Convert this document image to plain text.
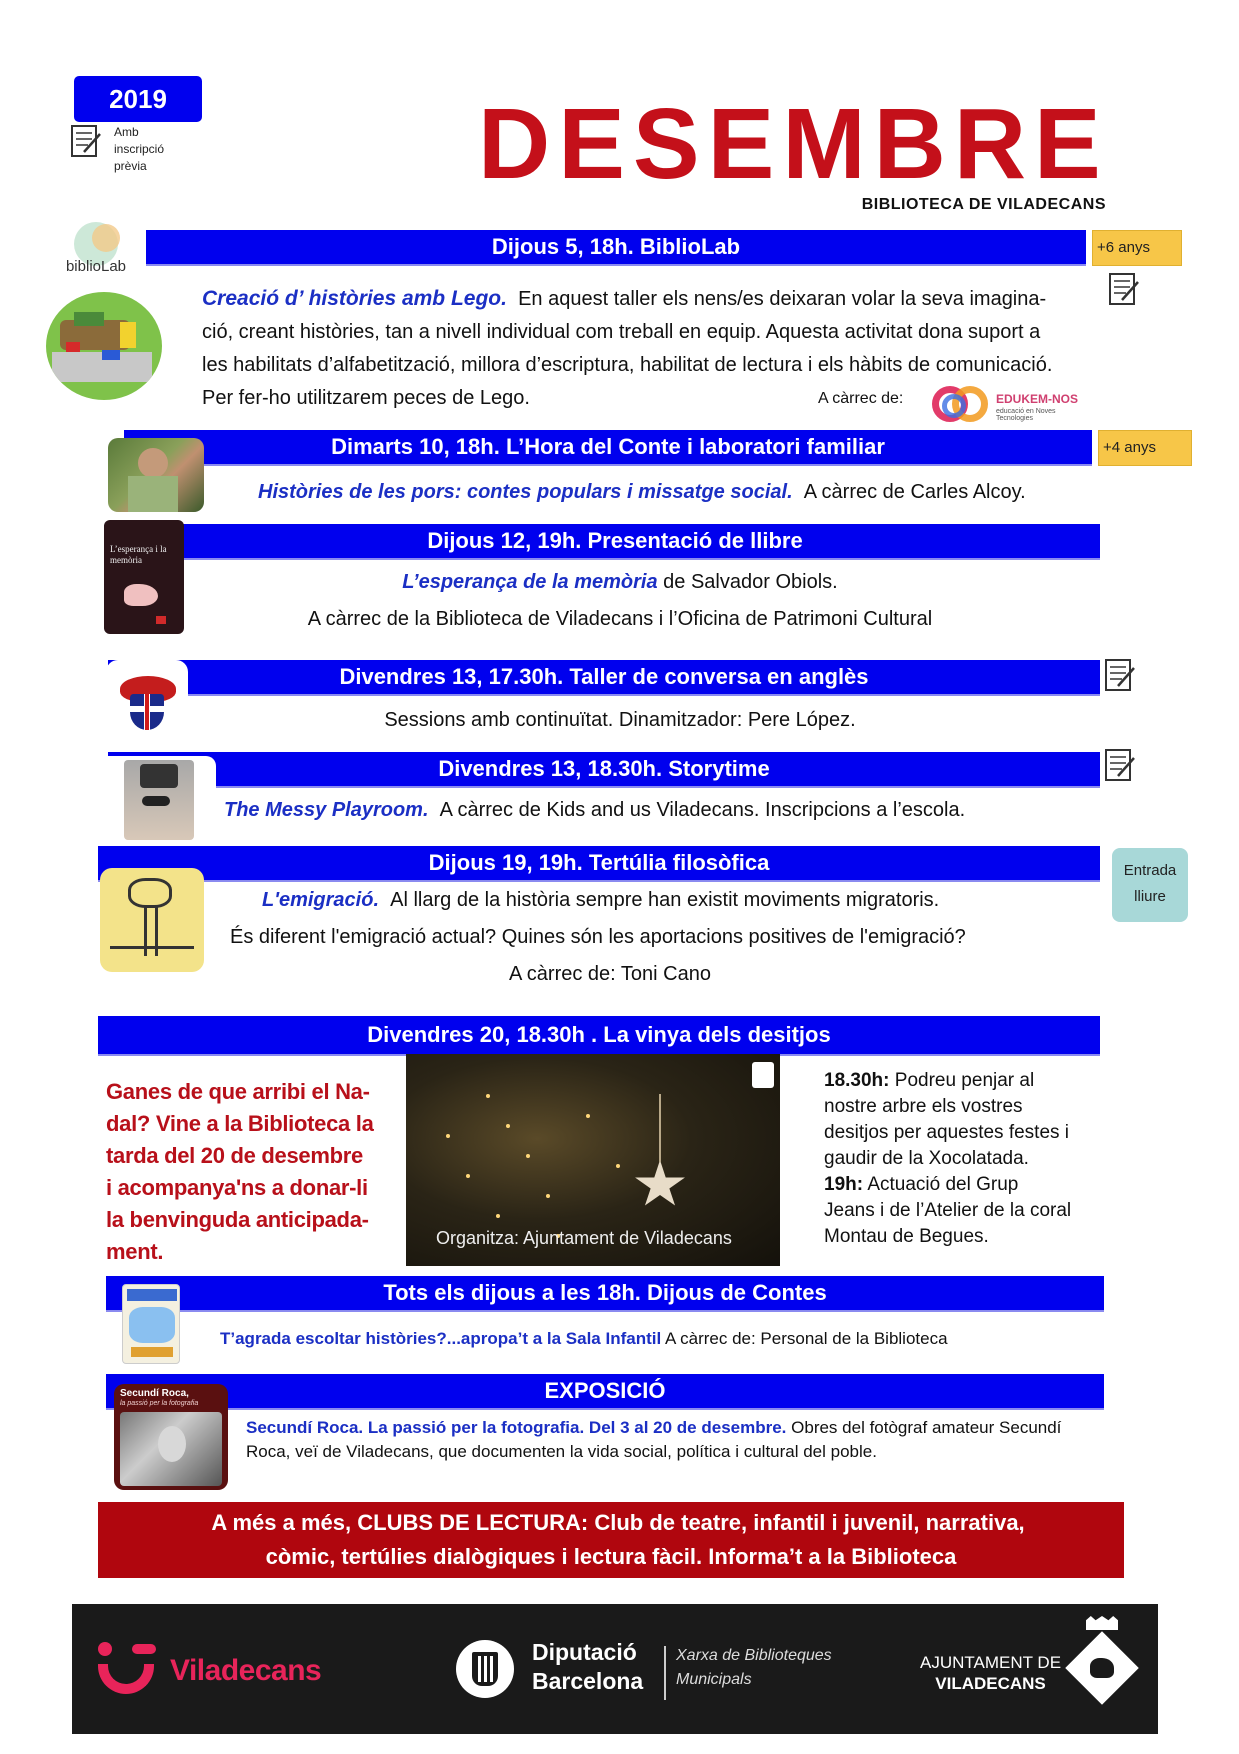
2019
Amb
inscripció
prèvia	DESEMBRE
BIBLIOTECA DE VILADECANS
biblioLab
Dijous 5, 18h. BiblioLab	+6 anys
Creació d’ històries amb Lego. En aquest taller els nens/es deixaran volar la seva imagina-
ció, creant històries, tan a nivell individual com treball en equip. Aquesta activitat dona suport a
les habilitats d’alfabetització, millora d’escriptura, habilitat de lectura i els hàbits de comunicació.
Per fer-ho utilitzarem peces de Lego.	A càrrec de:	EDUKEM-NOS
educació en Noves Tecnologies
Dimarts 10, 18h. L’Hora del Conte i laboratori familiar	+4 anys
Històries de les pors: contes populars i missatge social. A càrrec de Carles Alcoy.
Dijous 12, 19h. Presentació de llibre
L’esperança i la memòria
L’esperança de la memòria de Salvador Obiols.
A càrrec de la Biblioteca de Viladecans i l’Oficina de Patrimoni Cultural
Divendres 13, 17.30h. Taller de conversa en anglès
Sessions amb continuïtat. Dinamitzador: Pere López.
Divendres 13, 18.30h. Storytime
The Messy Playroom. A càrrec de Kids and us Viladecans. Inscripcions a l’escola.
Dijous 19, 19h. Tertúlia filosòfica	Entrada
lliure
L'emigració. Al llarg de la història sempre han existit moviments migratoris.
És diferent l'emigració actual? Quines són les aportacions positives de l'emigració?
A càrrec de: Toni Cano
Divendres 20, 18.30h . La vinya dels desitjos
Ganes de que arribi el Na-
dal? Vine a la Biblioteca la
tarda del 20 de desembre
i acompanya'ns a donar-li
la benvinguda anticipada-
ment.
Organitza: Ajuntament de Viladecans
18.30h: Podreu penjar al nostre arbre els vostres desitjos per aquestes festes i gaudir de la Xocolatada.
19h: Actuació del Grup Jeans i de l’Atelier de la coral Montau de Begues.
Tots els dijous a les 18h. Dijous de Contes
T’agrada escoltar històries?...apropa’t a la Sala Infantil A càrrec de: Personal de la Biblioteca
EXPOSICIÓ
Secundí Roca,
la passió per la fotografia
Secundí Roca. La passió per la fotografia. Del 3 al 20 de desembre. Obres del fotògraf amateur Secundí Roca, veï de Viladecans, que documenten la vida social, política i cultural del poble.
A més a més, CLUBS DE LECTURA: Club de teatre, infantil i juvenil, narrativa,
còmic, tertúlies dialògiques i lectura fàcil. Informa’t a la Biblioteca
Viladecans
Diputació
Barcelona
Xarxa de Biblioteques
Municipals
AJUNTAMENT DE
VILADECANS
